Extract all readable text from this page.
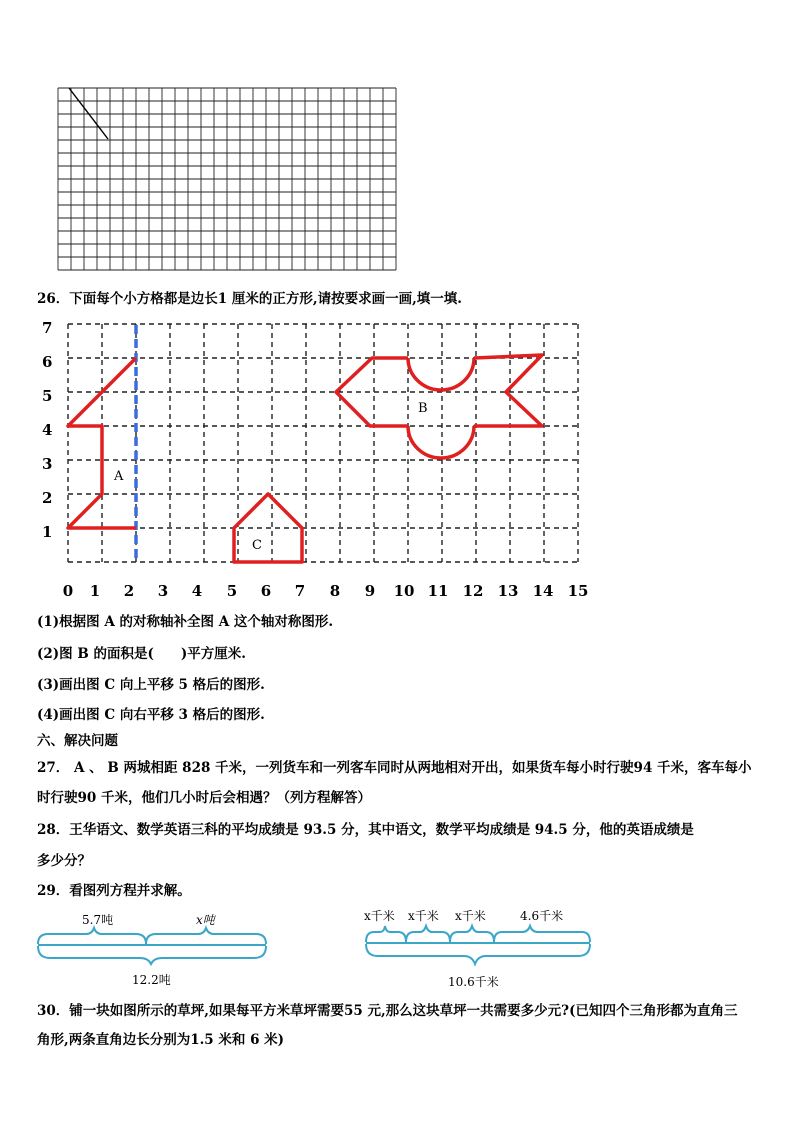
26．下面每个小方格都是边长1 厘米的正方形,请按要求画一画,填一填.
7
6
5
4
3
2
1
0 1 2 3 4 5 6 7 8 9 10 11 12 13 14 15
A
B
C
(1)根据图 A 的对称轴补全图 A 这个轴对称图形.
(2)图 B 的面积是(　　)平方厘米.
(3)画出图 C 向上平移 5 格后的图形.
(4)画出图 C 向右平移 3 格后的图形.
六、解决问题
27． A 、 B 两城相距 828 千米，一列货车和一列客车同时从两地相对开出，如果货车每小时行驶94 千米，客车每小
时行驶90 千米，他们几小时后会相遇？（列方程解答）
28．王华语文、数学英语三科的平均成绩是 93.5 分，其中语文，数学平均成绩是 94.5 分，他的英语成绩是
多少分？
29．看图列方程并求解。
5.7吨	x吨
12.2吨
x千米 x千米 x千米	4.6千米
10.6千米
30．铺一块如图所示的草坪,如果每平方米草坪需要55 元,那么这块草坪一共需要多少元?(已知四个三角形都为直角三
角形,两条直角边长分别为1.5 米和 6 米)
